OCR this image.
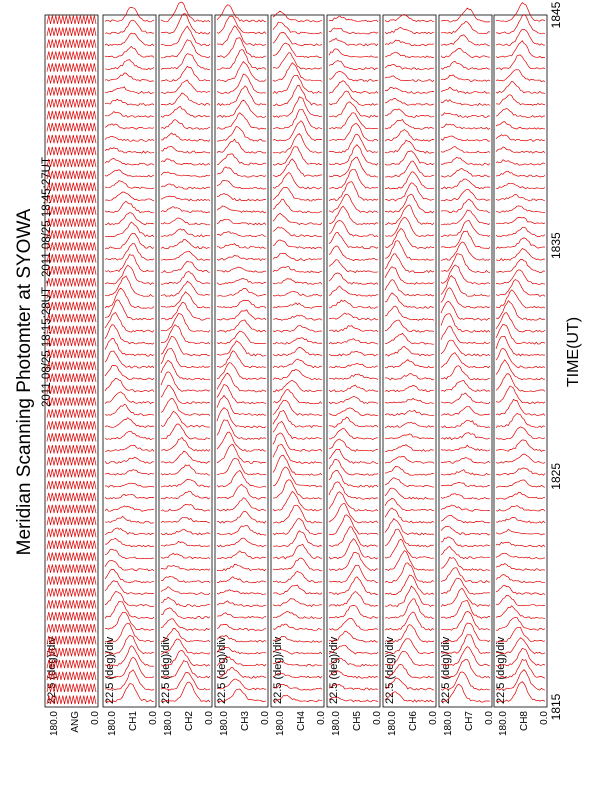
Meridian Scanning Photomter at SYOWA 2011 08/25 18:15:28UT - 2011 08/25 18:45:27UT	TIME(UT)
1815
1825
1835
1845
180.0	0.0
ANG
22.5 (deg)/div
180.0	0.0
CH1
22.5 (deg)/div
180.0	0.0
CH2
22.5 (deg)/div
180.0	0.0
CH3
22.5 (deg)/div
180.0	0.0
CH4
22.5 (deg)/div
180.0	0.0
CH5
22.5 (deg)/div
180.0	0.0
CH6
22.5 (deg)/div
180.0	0.0
CH7
22.5 (deg)/div
180.0	0.0
CH8
22.5 (deg)/div
